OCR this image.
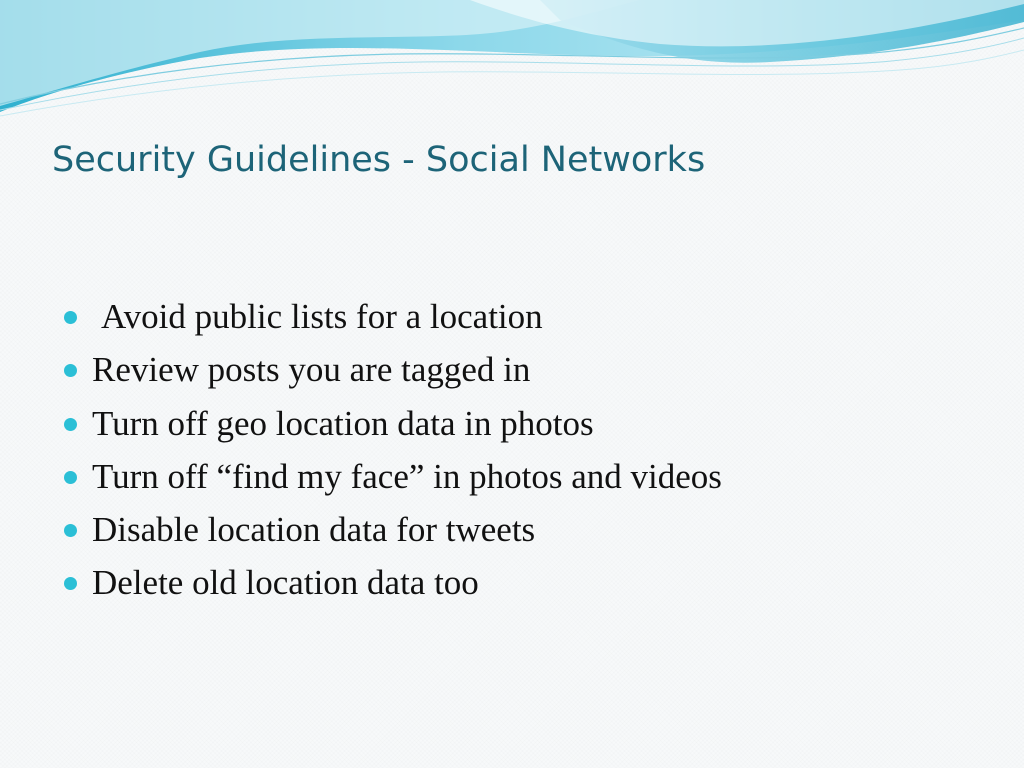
Security Guidelines - Social Networks
Avoid public lists for a location
Review posts you are tagged in
Turn off geo location data in photos
Turn off “find my face” in photos and videos
Disable location data for tweets
Delete old location data too
